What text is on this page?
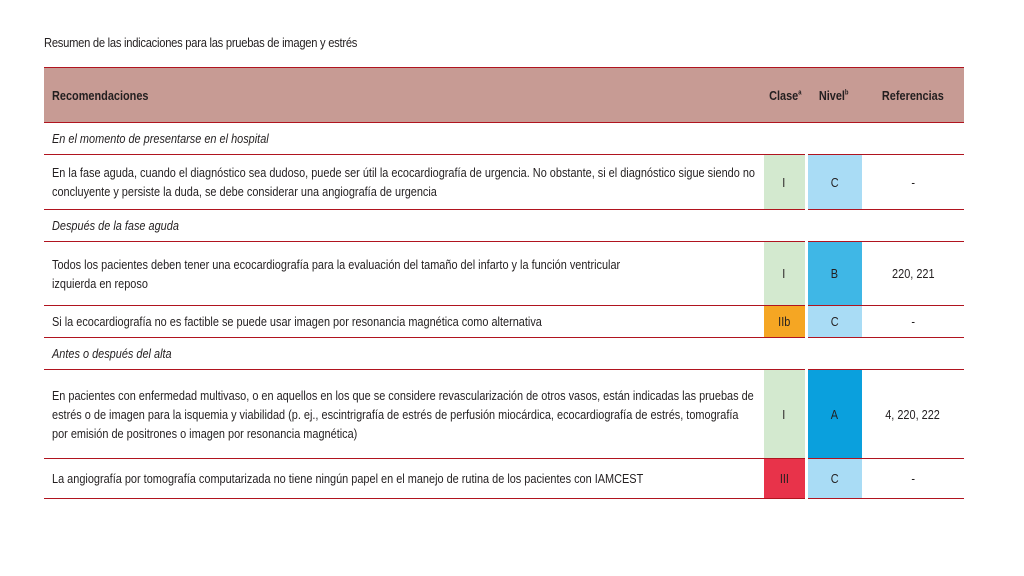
Resumen de las indicaciones para las pruebas de imagen y estrés
Recomendaciones	Clase$^a$	Nivel$^b$	Referencias
En el momento de presentarse en el hospital			

En la fase aguda, cuando el diagnóstico sea dudoso, puede ser útil la ecocardiografía de urgencia. No obstante, si el diagnóstico sigue siendo no concluyente y persiste la duda, se debe considerar una angiografía de urgencia	I	C	-
Después de la fase aguda			

Todos los pacientes deben tener una ecocardiografía para la evaluación del tamaño del infarto y la función ventricular izquierda en reposo	I	B	220, 221

Si la ecocardiografía no es factible se puede usar imagen por resonancia magnética como alternativa	IIb	C	-
Antes o después del alta			

En pacientes con enfermedad multivaso, o en aquellos en los que se considere revascularización de otros vasos, están indicadas las pruebas de estrés o de imagen para la isquemia y viabilidad (p. ej., escintrigrafía de estrés de perfusión miocárdica, ecocardiografía de estrés, tomografía por emisión de positrones o imagen por resonancia magnética)	I	A	4, 220, 222

La angiografía por tomografía computarizada no tiene ningún papel en el manejo de rutina de los pacientes con IAMCEST	III	C	-
